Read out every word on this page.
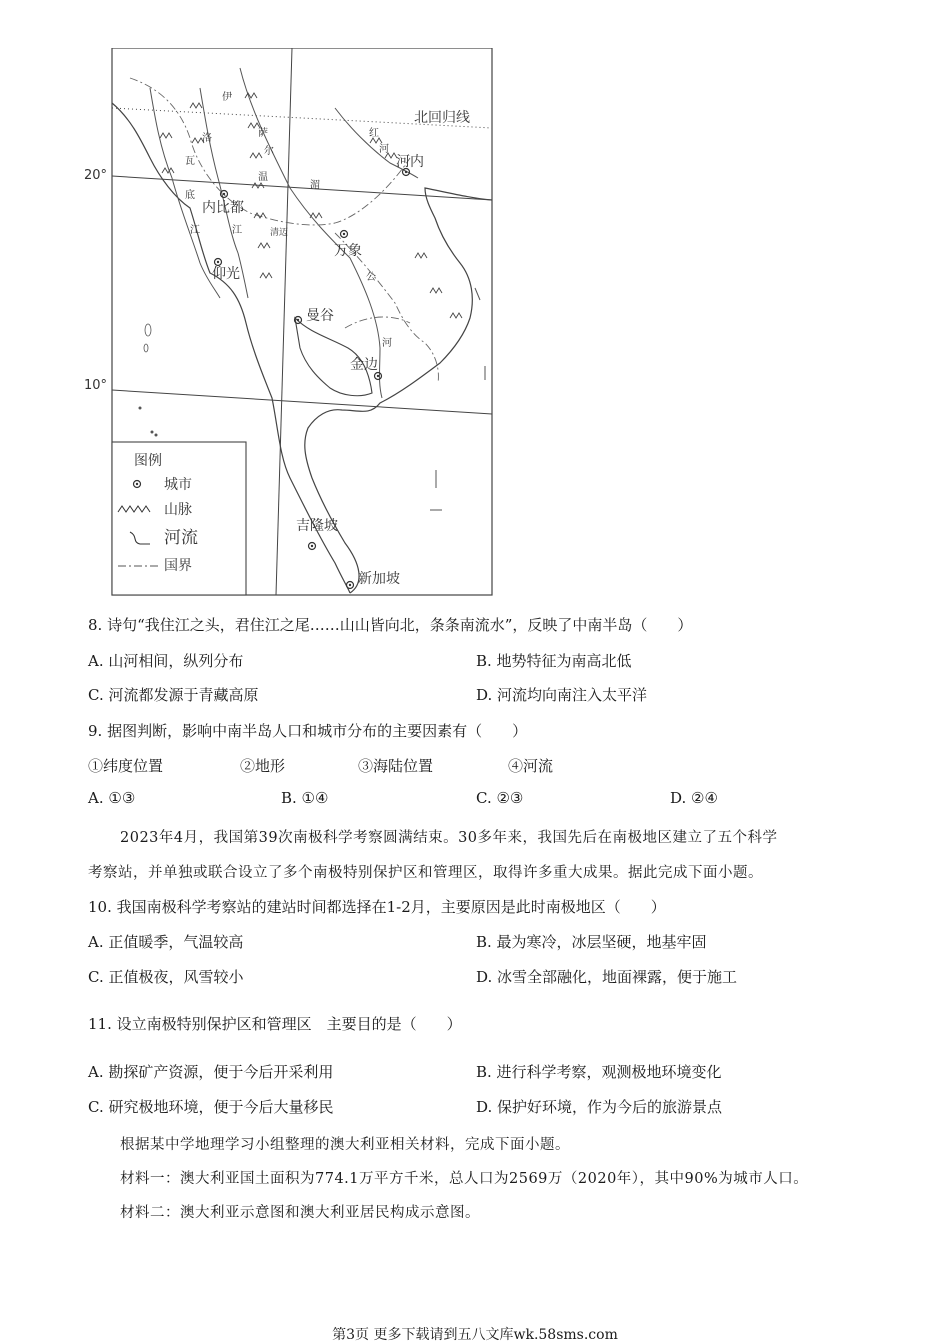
20°
10°
北回归线
伊
洛
瓦
底
江
萨
尔
温
江
湄
公
河
红
河
清迈
河内
内比都
万象
仰光
曼谷
金边
吉隆坡
新加坡
图例
城市
山脉
河流
国界
8. 诗句“我住江之头，君住江之尾……山山皆向北，条条南流水”，反映了中南半岛（　　）
A. 山河相间，纵列分布	B. 地势特征为南高北低
C. 河流都发源于青藏高原	D. 河流均向南注入太平洋
9. 据图判断，影响中南半岛人口和城市分布的主要因素有（　　）
①纬度位置	②地形	③海陆位置	④河流
A. ①③	B. ①④	C. ②③	D. ②④
2023年4月，我国第39次南极科学考察圆满结束。30多年来，我国先后在南极地区建立了五个科学
考察站，并单独或联合设立了多个南极特别保护区和管理区，取得许多重大成果。据此完成下面小题。
10. 我国南极科学考察站的建站时间都选择在1-2月，主要原因是此时南极地区（　　）
A. 正值暖季，气温较高	B. 最为寒冷，冰层坚硬，地基牢固
C. 正值极夜，风雪较小	D. 冰雪全部融化，地面裸露，便于施工
11. 设立南极特别保护区和管理区　主要目的是（　　）
A. 勘探矿产资源，便于今后开采利用	B. 进行科学考察，观测极地环境变化
C. 研究极地环境，便于今后大量移民	D. 保护好环境，作为今后的旅游景点
根据某中学地理学习小组整理的澳大利亚相关材料，完成下面小题。
材料一：澳大利亚国土面积为774.1万平方千米，总人口为2569万（2020年），其中90%为城市人口。
材料二：澳大利亚示意图和澳大利亚居民构成示意图。
第3页 更多下载请到五八文库wk.58sms.com
